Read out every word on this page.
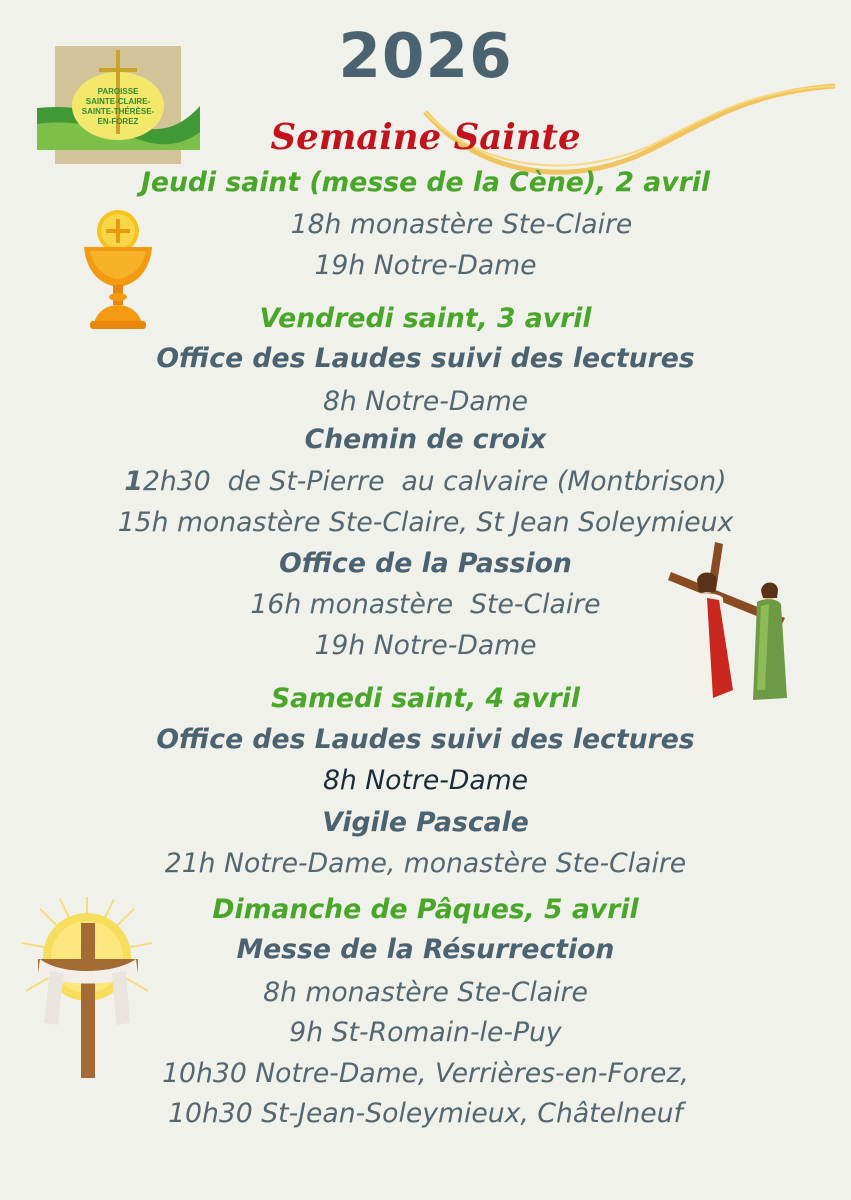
PAROISSE
SAINTE-CLAIRE-
SAINTE-THÉRÈSE-
EN-FOREZ
2026
Semaine Sainte
Jeudi saint (messe de la Cène), 2 avril
18h monastère Ste-Claire
19h Notre-Dame
Vendredi saint, 3 avril
Office des Laudes suivi des lectures
8h Notre-Dame
Chemin de croix
12h30  de St-Pierre  au calvaire (Montbrison)
15h monastère Ste-Claire, St Jean Soleymieux
Office de la Passion
16h monastère  Ste-Claire
19h Notre-Dame
Samedi saint, 4 avril
Office des Laudes suivi des lectures
8h Notre-Dame
Vigile Pascale
21h Notre-Dame, monastère Ste-Claire
Dimanche de Pâques, 5 avril
Messe de la Résurrection
8h monastère Ste-Claire
9h St-Romain-le-Puy
10h30 Notre-Dame, Verrières-en-Forez,
10h30 St-Jean-Soleymieux, Châtelneuf
